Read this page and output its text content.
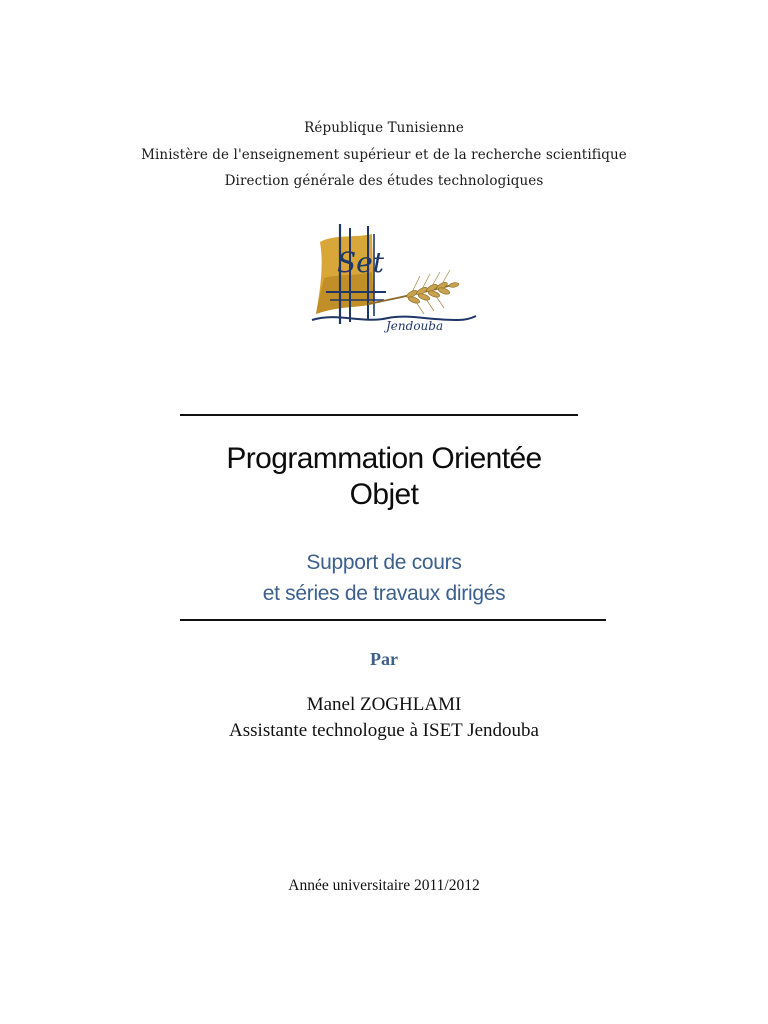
République Tunisienne
Ministère de l'enseignement supérieur et de la recherche scientifique
Direction générale des études technologiques
Set
Jendouba
Programmation Orientée
Objet
Support de cours
et séries de travaux dirigés
Par
Manel ZOGHLAMI
Assistante technologue à ISET Jendouba
Année universitaire 2011/2012
